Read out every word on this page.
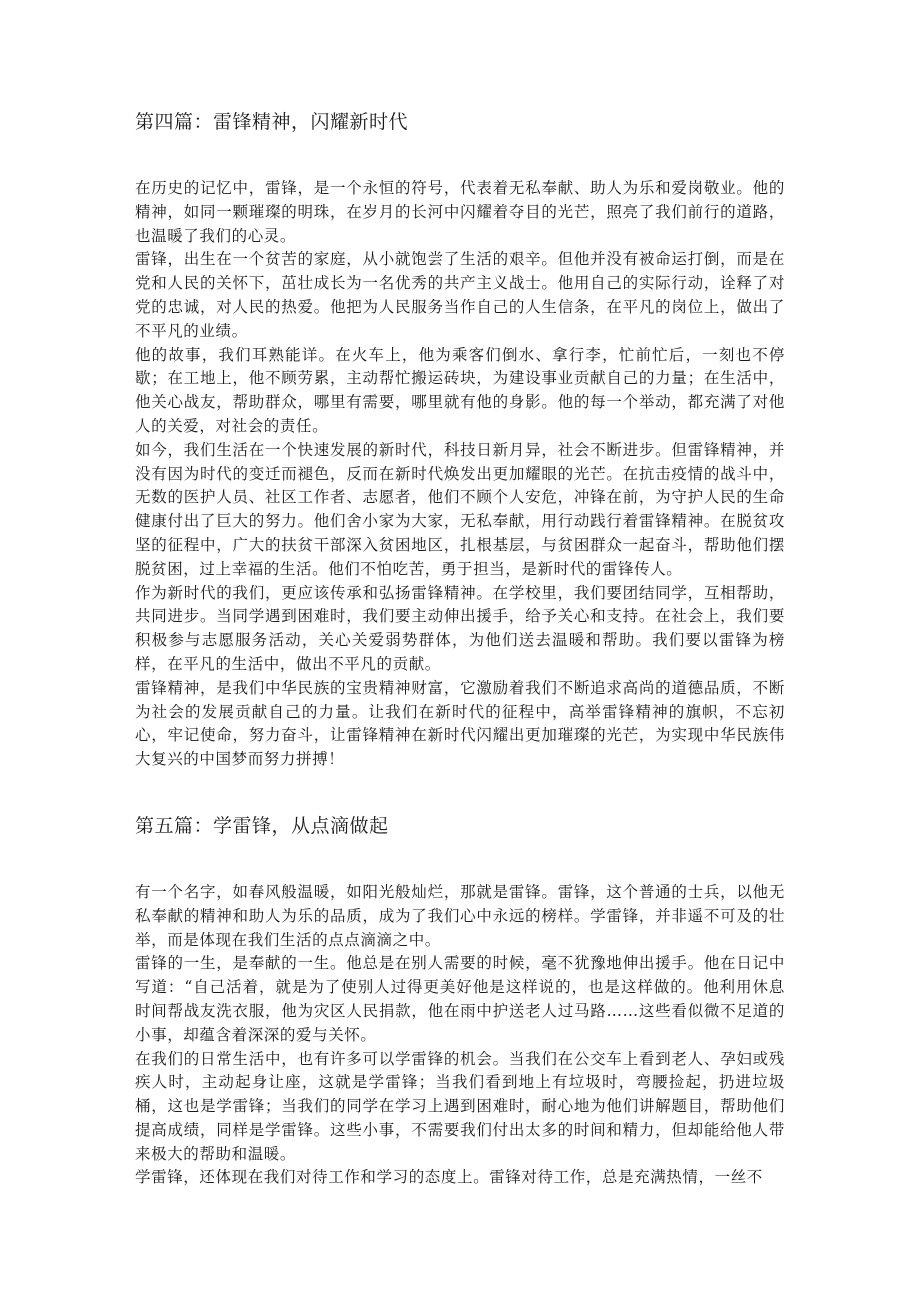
第四篇：雷锋精神，闪耀新时代

在历史的记忆中，雷锋，是一个永恒的符号，代表着无私奉献、助人为乐和爱岗敬业。他的精神，如同一颗璀璨的明珠，在岁月的长河中闪耀着夺目的光芒，照亮了我们前行的道路，也温暖了我们的心灵。

雷锋，出生在一个贫苦的家庭，从小就饱尝了生活的艰辛。但他并没有被命运打倒，而是在党和人民的关怀下，茁壮成长为一名优秀的共产主义战士。他用自己的实际行动，诠释了对党的忠诚，对人民的热爱。他把为人民服务当作自己的人生信条，在平凡的岗位上，做出了不平凡的业绩。

他的故事，我们耳熟能详。在火车上，他为乘客们倒水、拿行李，忙前忙后，一刻也不停歇；在工地上，他不顾劳累，主动帮忙搬运砖块，为建设事业贡献自己的力量；在生活中，他关心战友，帮助群众，哪里有需要，哪里就有他的身影。他的每一个举动，都充满了对他人的关爱，对社会的责任。

如今，我们生活在一个快速发展的新时代，科技日新月异，社会不断进步。但雷锋精神，并没有因为时代的变迁而褪色，反而在新时代焕发出更加耀眼的光芒。在抗击疫情的战斗中，无数的医护人员、社区工作者、志愿者，他们不顾个人安危，冲锋在前，为守护人民的生命健康付出了巨大的努力。他们舍小家为大家，无私奉献，用行动践行着雷锋精神。在脱贫攻坚的征程中，广大的扶贫干部深入贫困地区，扎根基层，与贫困群众一起奋斗，帮助他们摆脱贫困，过上幸福的生活。他们不怕吃苦，勇于担当，是新时代的雷锋传人。

作为新时代的我们，更应该传承和弘扬雷锋精神。在学校里，我们要团结同学，互相帮助，共同进步。当同学遇到困难时，我们要主动伸出援手，给予关心和支持。在社会上，我们要积极参与志愿服务活动，关心关爱弱势群体，为他们送去温暖和帮助。我们要以雷锋为榜样，在平凡的生活中，做出不平凡的贡献。

雷锋精神，是我们中华民族的宝贵精神财富，它激励着我们不断追求高尚的道德品质，不断为社会的发展贡献自己的力量。让我们在新时代的征程中，高举雷锋精神的旗帜，不忘初心，牢记使命，努力奋斗，让雷锋精神在新时代闪耀出更加璀璨的光芒，为实现中华民族伟大复兴的中国梦而努力拼搏！

第五篇：学雷锋，从点滴做起

有一个名字，如春风般温暖，如阳光般灿烂，那就是雷锋。雷锋，这个普通的士兵，以他无私奉献的精神和助人为乐的品质，成为了我们心中永远的榜样。学雷锋，并非遥不可及的壮举，而是体现在我们生活的点点滴滴之中。

雷锋的一生，是奉献的一生。他总是在别人需要的时候，毫不犹豫地伸出援手。他在日记中写道：“自己活着，就是为了使别人过得更美好他是这样说的，也是这样做的。他利用休息时间帮战友洗衣服，他为灾区人民捐款，他在雨中护送老人过马路……这些看似微不足道的小事，却蕴含着深深的爱与关怀。

在我们的日常生活中，也有许多可以学雷锋的机会。当我们在公交车上看到老人、孕妇或残疾人时，主动起身让座，这就是学雷锋；当我们看到地上有垃圾时，弯腰捡起，扔进垃圾桶，这也是学雷锋；当我们的同学在学习上遇到困难时，耐心地为他们讲解题目，帮助他们提高成绩，同样是学雷锋。这些小事，不需要我们付出太多的时间和精力，但却能给他人带来极大的帮助和温暖。

学雷锋，还体现在我们对待工作和学习的态度上。雷锋对待工作，总是充满热情，一丝不
